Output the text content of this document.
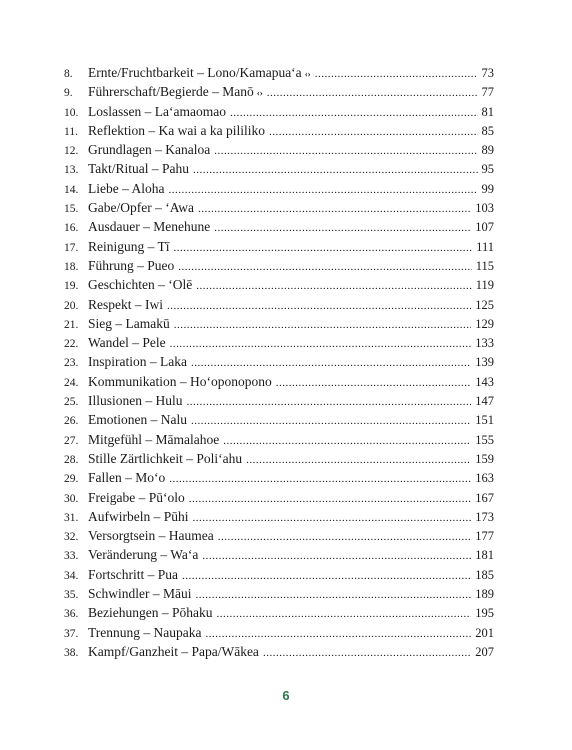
8.	Ernte/Fruchtbarkeit – Lono/Kamapuaʻa ‹› .....	73
9.	Führerschaft/Begierde – Manō ‹› .....	77
10. Loslassen – Laʻamaomao .....	81
11. Reflektion – Ka wai a ka pililiko .....	85
12. Grundlagen – Kanaloa .....	89
13. Takt/Ritual – Pahu .....	95
14. Liebe – Aloha .....	99
15. Gabe/Opfer – ʻAwa .....	103
16. Ausdauer – Menehune .....	107
17. Reinigung – Tī .....	111
18. Führung – Pueo .....	115
19. Geschichten – ʻOlē .....	119
20. Respekt – Iwi .....	125
21. Sieg – Lamakū .....	129
22. Wandel – Pele .....	133
23. Inspiration – Laka .....	139
24. Kommunikation – Hoʻoponopono .....	143
25. Illusionen – Hulu .....	147
26. Emotionen – Nalu .....	151
27. Mitgefühl – Māmalahoe .....	155
28. Stille Zärtlichkeit – Poliʻahu .....	159
29. Fallen – Moʻo .....	163
30. Freigabe – Pūʻolo .....	167
31. Aufwirbeln – Pūhi .....	173
32. Versorgtsein – Haumea .....	177
33. Veränderung – Waʻa .....	181
34. Fortschritt – Pua .....	185
35. Schwindler – Māui .....	189
36. Beziehungen – Pōhaku .....	195
37. Trennung – Naupaka .....	201
38. Kampf/Ganzheit – Papa/Wākea .....	207
6
